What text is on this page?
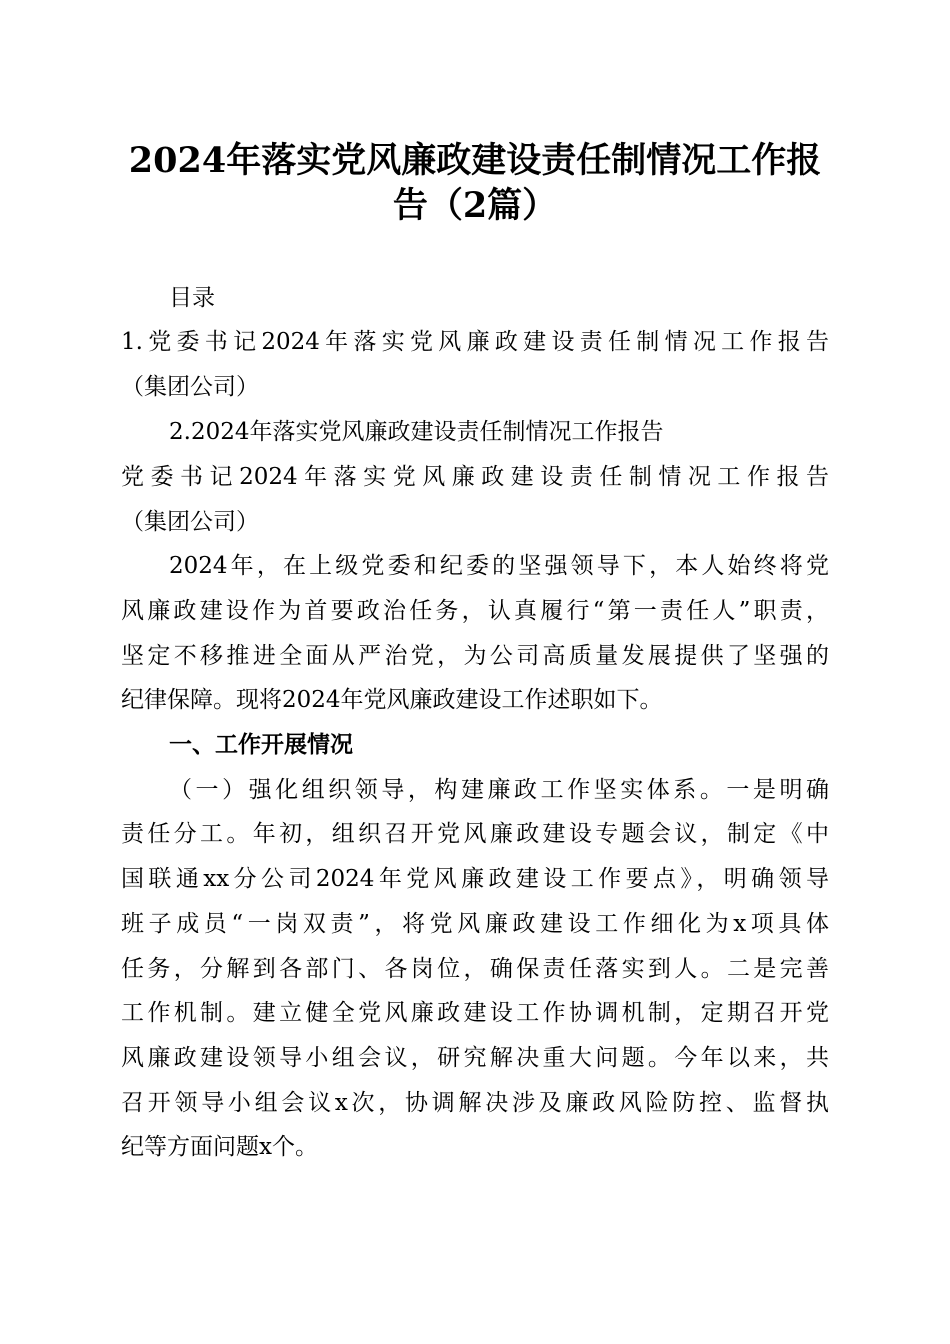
2024年落实党风廉政建设责任制情况工作报
告（2篇）
目录
1.党委书记2024年落实党风廉政建设责任制情况工作报告
（集团公司）
2.2024年落实党风廉政建设责任制情况工作报告
党委书记2024年落实党风廉政建设责任制情况工作报告
（集团公司）
2024年，在上级党委和纪委的坚强领导下，本人始终将党
风廉政建设作为首要政治任务，认真履行“第一责任人”职责，
坚定不移推进全面从严治党，为公司高质量发展提供了坚强的
纪律保障。现将2024年党风廉政建设工作述职如下。
一、工作开展情况
（一）强化组织领导，构建廉政工作坚实体系。一是明确
责任分工。年初，组织召开党风廉政建设专题会议，制定《中
国联通xx分公司2024年党风廉政建设工作要点》，明确领导
班子成员“一岗双责”，将党风廉政建设工作细化为x项具体
任务，分解到各部门、各岗位，确保责任落实到人。二是完善
工作机制。建立健全党风廉政建设工作协调机制，定期召开党
风廉政建设领导小组会议，研究解决重大问题。今年以来，共
召开领导小组会议x次，协调解决涉及廉政风险防控、监督执
纪等方面问题x个。
